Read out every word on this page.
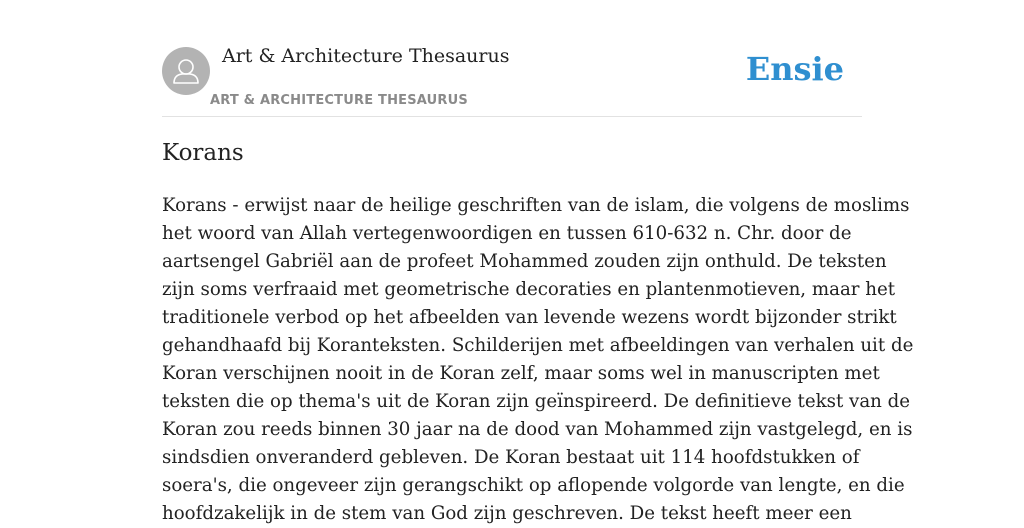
Art & Architecture Thesaurus
ART & ARCHITECTURE THESAURUS
Ensie
Korans
Korans - erwijst naar de heilige geschriften van de islam, die volgens de moslims
het woord van Allah vertegenwoordigen en tussen 610-632 n. Chr. door de
aartsengel Gabriël aan de profeet Mohammed zouden zijn onthuld. De teksten
zijn soms verfraaid met geometrische decoraties en plantenmotieven, maar het
traditionele verbod op het afbeelden van levende wezens wordt bijzonder strikt
gehandhaafd bij Koranteksten. Schilderijen met afbeeldingen van verhalen uit de
Koran verschijnen nooit in de Koran zelf, maar soms wel in manuscripten met
teksten die op thema's uit de Koran zijn geïnspireerd. De definitieve tekst van de
Koran zou reeds binnen 30 jaar na de dood van Mohammed zijn vastgelegd, en is
sindsdien onveranderd gebleven. De Koran bestaat uit 114 hoofdstukken of
soera's, die ongeveer zijn gerangschikt op aflopende volgorde van lengte, en die
hoofdzakelijk in de stem van God zijn geschreven. De tekst heeft meer een
